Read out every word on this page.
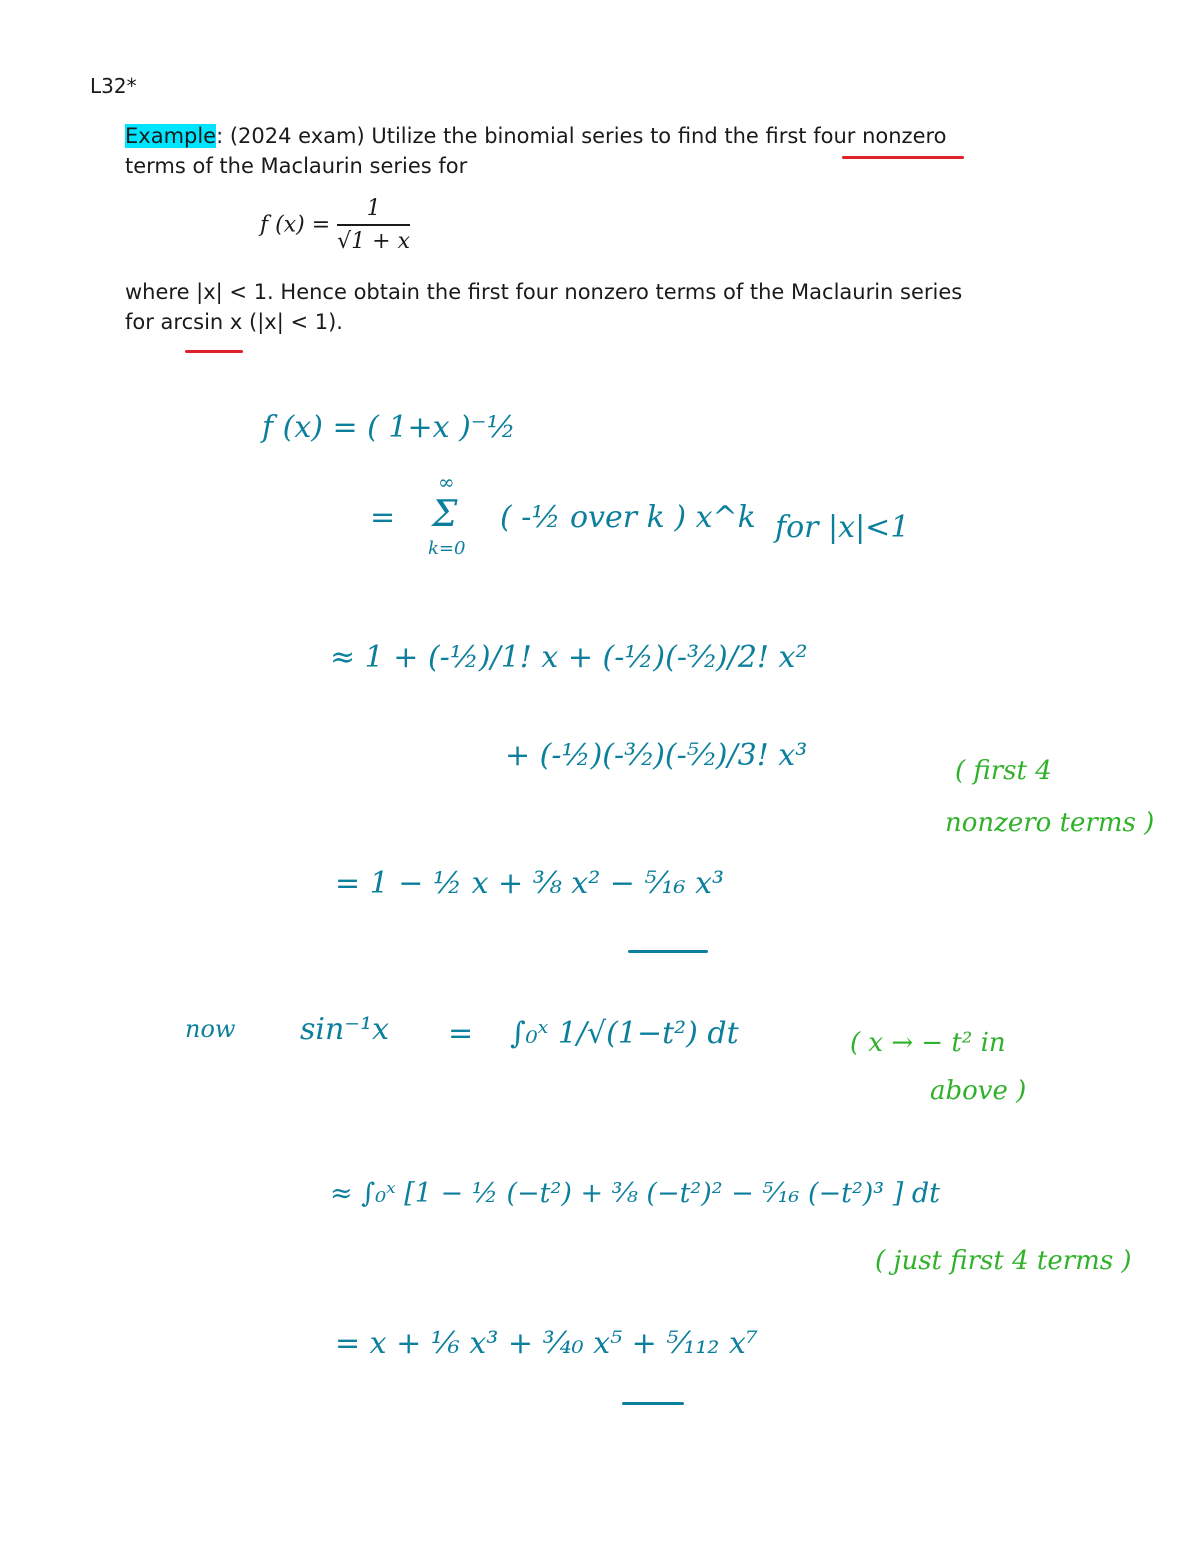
L32*
Example: (2024 exam) Utilize the binomial series to find the first four nonzero
terms of the Maclaurin series for
f $(x) = \frac{1}{√1 + x}$
where |x| < 1. Hence obtain the first four nonzero terms of the Maclaurin series
for arcsin x (|x| < 1).
f (x) = ( 1+x )⁻½
=
∞
Σ
k=0
( -½ over k ) x^k for |x|<1
≈ 1 + (-½)/1! x + (-½)(-³⁄₂)/2! x²
+ (-½)(-³⁄₂)(-⁵⁄₂)/3! x³	( first 4
nonzero terms )
= 1 − ½ x + ³⁄₈ x² − ⁵⁄₁₆ x³
now sin⁻¹x = ∫₀ˣ 1/√(1−t²) dt	( x → − t² in
above )
≈ ∫₀ˣ [1 − ½ (−t²) + ³⁄₈ (−t²)² − ⁵⁄₁₆ (−t²)³ ] dt
( just first 4 terms )
= x + ⅙ x³ + ³⁄₄₀ x⁵ + ⁵⁄₁₁₂ x⁷
